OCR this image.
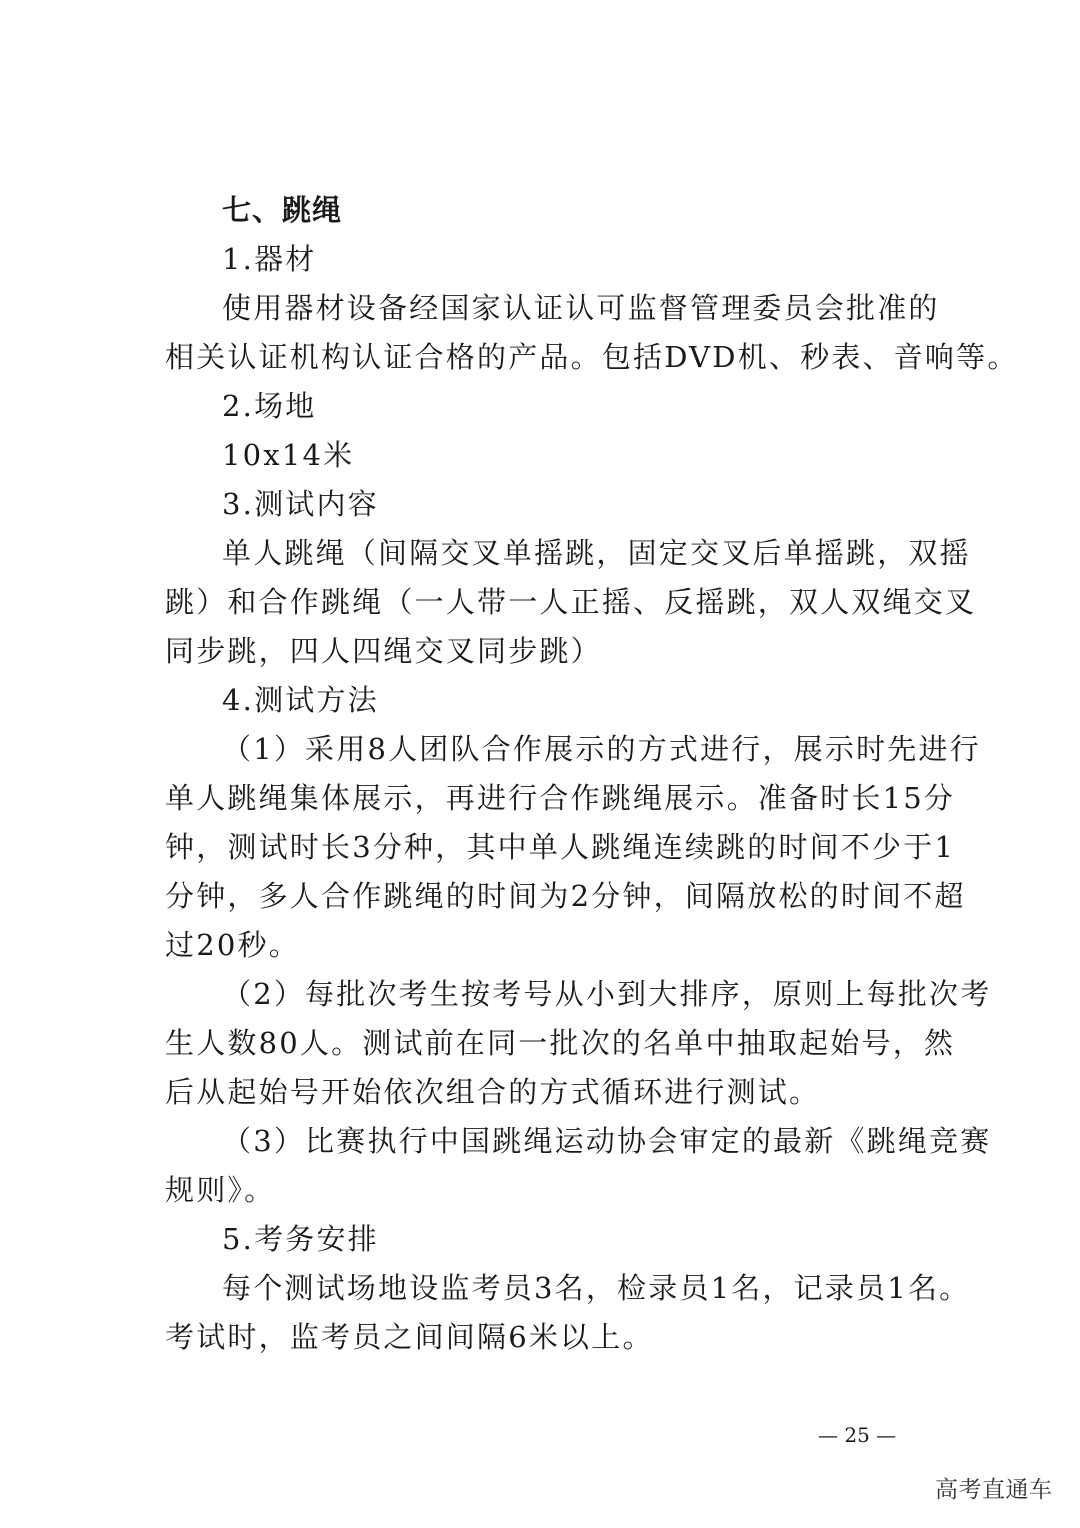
七、跳绳
1.器材
使用器材设备经国家认证认可监督管理委员会批准的
相关认证机构认证合格的产品。包括DVD机、秒表、音响等。
2.场地
10x14米
3.测试内容
单人跳绳（间隔交叉单摇跳，固定交叉后单摇跳，双摇
跳）和合作跳绳（一人带一人正摇、反摇跳，双人双绳交叉
同步跳，四人四绳交叉同步跳）
4.测试方法
（1）采用8人团队合作展示的方式进行，展示时先进行
单人跳绳集体展示，再进行合作跳绳展示。准备时长15分
钟，测试时长3分种，其中单人跳绳连续跳的时间不少于1
分钟，多人合作跳绳的时间为2分钟，间隔放松的时间不超
过20秒。
（2）每批次考生按考号从小到大排序，原则上每批次考
生人数80人。测试前在同一批次的名单中抽取起始号，然
后从起始号开始依次组合的方式循环进行测试。
（3）比赛执行中国跳绳运动协会审定的最新《跳绳竞赛
规则》。
5.考务安排
每个测试场地设监考员3名，检录员1名，记录员1名。
考试时，监考员之间间隔6米以上。
— 25 —
高考直通车
